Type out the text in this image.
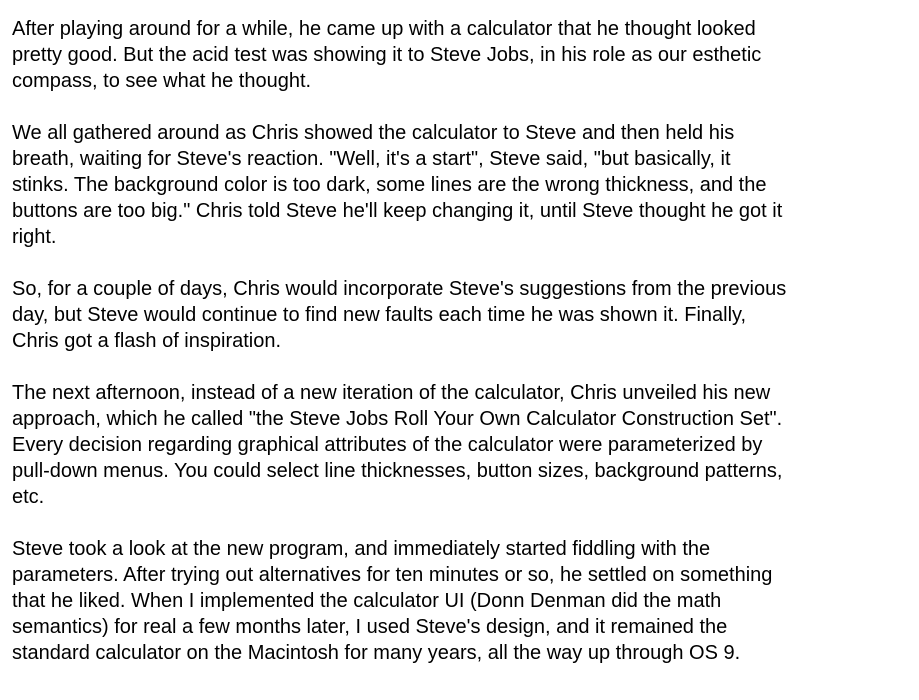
After playing around for a while, he came up with a calculator that he thought looked
pretty good. But the acid test was showing it to Steve Jobs, in his role as our esthetic
compass, to see what he thought.

We all gathered around as Chris showed the calculator to Steve and then held his
breath, waiting for Steve's reaction. "Well, it's a start", Steve said, "but basically, it
stinks. The background color is too dark, some lines are the wrong thickness, and the
buttons are too big." Chris told Steve he'll keep changing it, until Steve thought he got it
right.

So, for a couple of days, Chris would incorporate Steve's suggestions from the previous
day, but Steve would continue to find new faults each time he was shown it. Finally,
Chris got a flash of inspiration.

The next afternoon, instead of a new iteration of the calculator, Chris unveiled his new
approach, which he called "the Steve Jobs Roll Your Own Calculator Construction Set".
Every decision regarding graphical attributes of the calculator were parameterized by
pull-down menus. You could select line thicknesses, button sizes, background patterns,
etc.

Steve took a look at the new program, and immediately started fiddling with the
parameters. After trying out alternatives for ten minutes or so, he settled on something
that he liked. When I implemented the calculator UI (Donn Denman did the math
semantics) for real a few months later, I used Steve's design, and it remained the
standard calculator on the Macintosh for many years, all the way up through OS 9.
